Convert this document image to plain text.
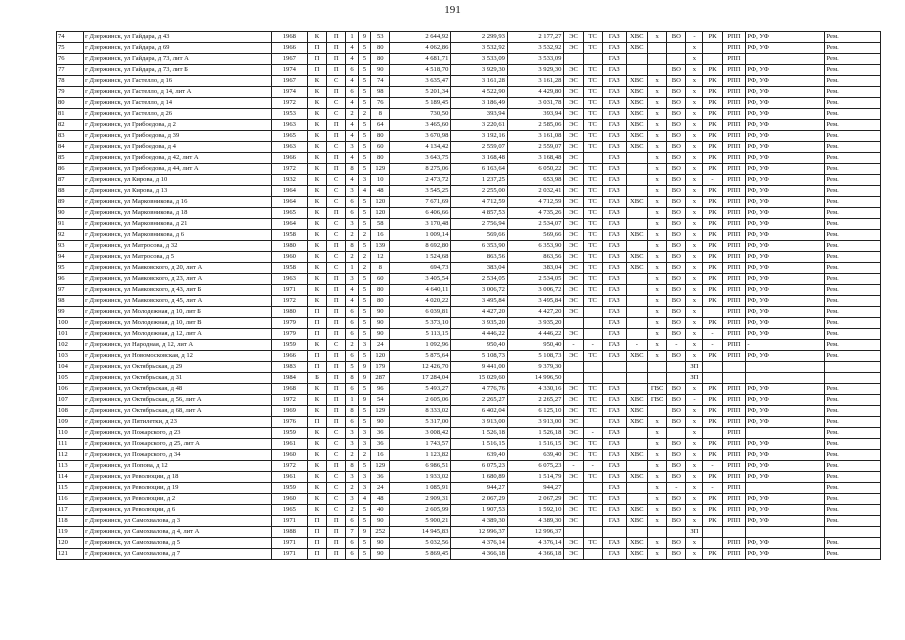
191
74	г Дзержинск, ул Гайдара, д 43	1968	К	П	1	9	53	2 644,92	2 299,93	2 177,27	ЭС	ТС	ГАЗ	ХВС	х	ВО	-	РК	РПП	РФ, УФ	Рем.
75	г Дзержинск, ул Гайдара, д 69	1966	П	П	4	5	80	4 062,86	3 532,92	3 532,92	ЭС	ТС	ГАЗ	ХВС			х		РПП	РФ, УФ	Рем.
76	г Дзержинск, ул Гайдара, д 73, лит А	1967	П	П	4	5	80	4 681,71	3 533,09	3 533,09			ГАЗ				х		РПП		Рем.
77	г Дзержинск, ул Гайдара, д 73, лит Б	1974	П	П	6	5	90	4 518,70	3 929,30	3 929,30	ЭС	ТС	ГАЗ			ВО	х	РК	РПП	РФ, УФ	Рем.
78	г Дзержинск, ул Гастелло, д 16	1967	К	С	4	5	74	3 635,47	3 161,28	3 161,28	ЭС	ТС	ГАЗ	ХВС	х	ВО	х	РК	РПП	РФ, УФ	Рем.
79	г Дзержинск, ул Гастелло, д 14, лит А	1974	К	П	6	5	98	5 201,34	4 522,90	4 429,80	ЭС	ТС	ГАЗ	ХВС	х	ВО	х	РК	РПП	РФ, УФ	Рем.
80	г Дзержинск, ул Гастелло, д 14	1972	К	С	4	5	76	5 189,45	3 186,49	3 031,78	ЭС	ТС	ГАЗ	ХВС	х	ВО	х	РК	РПП	РФ, УФ	Рем.
81	г Дзержинск, ул Гастелло, д 26	1953	К	С	2	2	8	730,50	393,94	393,94	ЭС	ТС	ГАЗ	ХВС	х	ВО	х	РК	РПП	РФ, УФ	Рем.
82	г Дзержинск, ул Грибоедова, д 2	1963	К	П	4	5	64	3 465,60	3 220,61	2 585,06	ЭС	ТС	ГАЗ	ХВС	х	ВО	х	РК	РПП	РФ, УФ	Рем.
83	г Дзержинск, ул Грибоедова, д 39	1965	К	П	4	5	80	3 670,98	3 192,16	3 161,08	ЭС	ТС	ГАЗ	ХВС	х	ВО	х	РК	РПП	РФ, УФ	Рем.
84	г Дзержинск, ул Грибоедова, д 4	1963	К	С	3	5	60	4 134,42	2 559,07	2 559,07	ЭС	ТС	ГАЗ	ХВС	х	ВО	х	РК	РПП	РФ, УФ	Рем.
85	г Дзержинск, ул Грибоедова, д 42, лит А	1966	К	П	4	5	80	3 643,75	3 168,48	3 168,48	ЭС		ГАЗ		х	ВО	х	РК	РПП	РФ, УФ	Рем.
86	г Дзержинск, ул Грибоедова, д 44, лит А	1972	К	П	8	5	129	8 275,06	6 163,64	6 050,22	ЭС	ТС	ГАЗ		х	ВО	х	РК	РПП	РФ, УФ	Рем.
87	г Дзержинск, ул Кирова, д 10	1932	К	С	4	3	10	2 473,72	1 237,25	653,98	ЭС	ТС	ГАЗ		х	ВО	х	-	РПП	РФ, УФ	Рем.
88	г Дзержинск, ул Кирова, д 13	1964	К	С	3	4	48	3 545,25	2 255,00	2 032,41	ЭС	ТС	ГАЗ		х	ВО	х	РК	РПП	РФ, УФ	Рем.
89	г Дзержинск, ул Марковникова, д 16	1964	К	С	6	5	120	7 671,69	4 712,59	4 712,59	ЭС	ТС	ГАЗ	ХВС	х	ВО	х	РК	РПП	РФ, УФ	Рем.
90	г Дзержинск, ул Марковникова, д 18	1965	К	П	6	5	120	6 406,66	4 857,53	4 735,26	ЭС	ТС	ГАЗ		х	ВО	х	РК	РПП	РФ, УФ	Рем.
91	г Дзержинск, ул Марковникова, д 21	1964	К	С	3	5	58	3 170,48	2 756,94	2 534,07	ЭС	ТС	ГАЗ		х	ВО	х	РК	РПП	РФ, УФ	Рем.
92	г Дзержинск, ул Марковникова, д 6	1958	К	С	2	2	16	1 009,14	569,66	569,66	ЭС	ТС	ГАЗ	ХВС	х	ВО	х	РК	РПП	РФ, УФ	Рем.
93	г Дзержинск, ул Матросова, д 32	1980	К	П	8	5	139	8 692,80	6 353,90	6 353,90	ЭС	ТС	ГАЗ		х	ВО	х	РК	РПП	РФ, УФ	Рем.
94	г Дзержинск, ул Матросова, д 5	1960	К	С	2	2	12	1 524,68	863,56	863,56	ЭС	ТС	ГАЗ	ХВС	х	ВО	х	РК	РПП	РФ, УФ	Рем.
95	г Дзержинск, ул Маяковского, д 20, лит А	1958	К	С	1	2	8	694,73	383,04	383,04	ЭС	ТС	ГАЗ	ХВС	х	ВО	х	РК	РПП	РФ, УФ	Рем.
96	г Дзержинск, ул Маяковского, д 23, лит А	1963	К	П	3	5	60	3 405,54	2 534,05	2 534,05	ЭС	ТС	ГАЗ		х	ВО	х	РК	РПП	РФ, УФ	Рем.
97	г Дзержинск, ул Маяковского, д 43, лит Б	1971	К	П	4	5	80	4 640,11	3 006,72	3 006,72	ЭС	ТС	ГАЗ		х	ВО	х	РК	РПП	РФ, УФ	Рем.
98	г Дзержинск, ул Маяковского, д 45, лит А	1972	К	П	4	5	80	4 020,22	3 495,84	3 495,84	ЭС	ТС	ГАЗ		х	ВО	х	РК	РПП	РФ, УФ	Рем.
99	г Дзержинск, ул Молодежная, д 10, лит Б	1980	П	П	6	5	90	6 039,81	4 427,20	4 427,20	ЭС		ГАЗ		х	ВО	х		РПП	РФ, УФ	Рем.
100	г Дзержинск, ул Молодежная, д 10, лит В	1979	П	П	6	5	90	5 373,10	3 935,20	3 935,20			ГАЗ		х	ВО	х	РК	РПП	РФ, УФ	Рем.
101	г Дзержинск, ул Молодежная, д 12, лит А	1979	П	П	6	5	90	5 113,15	4 446,22	4 446,22	ЭС		ГАЗ		х	ВО	х	-	РПП	РФ, УФ	Рем.
102	г Дзержинск, ул Народная, д 12, лит А	1959	К	С	2	3	24	1 092,96	950,40	950,40	-	-	ГАЗ	-	х	-	х	-	РПП	-	Рем.
103	г Дзержинск, ул Новомосковская, д 12	1966	П	П	6	5	120	5 875,64	5 108,73	5 108,73	ЭС	ТС	ГАЗ	ХВС	х	ВО	х	РК	РПП	РФ, УФ	Рем.
104	г Дзержинск, ул Октябрьская, д 29	1983	П	П	5	9	179	12 426,70	9 441,00	9 379,30							ЗП				
105	г Дзержинск, ул Октябрьская, д 31	1984	Б	П	8	9	287	17 284,04	15 029,60	14 996,50							ЗП				
106	г Дзержинск, ул Октябрьская, д 48	1968	К	П	6	5	96	5 493,27	4 776,76	4 330,16	ЭС	ТС	ГАЗ		ГВС	ВО	х	РК	РПП	РФ, УФ	Рем.
107	г Дзержинск, ул Октябрьская, д 56, лит А	1972	К	П	1	9	54	2 605,06	2 265,27	2 265,27	ЭС	ТС	ГАЗ	ХВС	ГВС	ВО	-	РК	РПП	РФ, УФ	Рем.
108	г Дзержинск, ул Октябрьская, д 68, лит А	1969	К	П	8	5	129	8 333,02	6 402,04	6 125,10	ЭС	ТС	ГАЗ	ХВС		ВО	х	РК	РПП	РФ, УФ	Рем.
109	г Дзержинск, ул Пятилетки, д 23	1976	П	П	6	5	90	5 317,00	3 913,00	3 913,00	ЭС		ГАЗ	ХВС	х	ВО	х	РК	РПП	РФ, УФ	Рем.
110	г Дзержинск, ул Пожарского, д 23	1959	К	С	3	3	36	3 008,42	1 526,18	1 526,18	ЭС	-	ГАЗ		х		х		РПП		Рем.
111	г Дзержинск, ул Пожарского, д 25, лит А	1961	К	С	3	3	36	1 743,57	1 516,15	1 516,15	ЭС	ТС	ГАЗ		х	ВО	х	РК	РПП	РФ, УФ	Рем.
112	г Дзержинск, ул Пожарского, д 34	1960	К	С	2	2	16	1 123,82	639,40	639,40	ЭС	ТС	ГАЗ	ХВС	х	ВО	х	РК	РПП	РФ, УФ	Рем.
113	г Дзержинск, ул Попова, д 12	1972	К	П	8	5	129	6 986,51	6 075,23	6 075,23	-	-	ГАЗ		х	ВО	х	-	РПП	РФ, УФ	Рем.
114	г Дзержинск, ул Революции, д 18	1961	К	С	3	3	36	1 933,02	1 680,89	1 514,79	ЭС	ТС	ГАЗ	ХВС	х	ВО	х	РК	РПП	РФ, УФ	Рем.
115	г Дзержинск, ул Революции, д 19	1959	К	С	2	3	24	1 085,91	944,27	944,27			ГАЗ		х	-	х	-	РПП		Рем.
116	г Дзержинск, ул Революции, д 2	1960	К	С	3	4	48	2 909,31	2 067,29	2 067,29	ЭС	ТС	ГАЗ		х	ВО	х	РК	РПП	РФ, УФ	Рем.
117	г Дзержинск, ул Революции, д 6	1965	К	С	2	5	40	2 605,99	1 907,53	1 592,10	ЭС	ТС	ГАЗ	ХВС	х	ВО	х	РК	РПП	РФ, УФ	Рем.
118	г Дзержинск, ул Самохвалова, д 3	1971	П	П	6	5	90	5 900,21	4 389,30	4 389,30	ЭС		ГАЗ	ХВС	х	ВО	х	РК	РПП	РФ, УФ	Рем.
119	г Дзержинск, ул Самохвалова, д 4, лит А	1988	П	П	7	9	252	14 945,83	12 996,37	12 996,37							ЗП				
120	г Дзержинск, ул Самохвалова, д 5	1971	П	П	6	5	90	5 032,56	4 376,14	4 376,14	ЭС	ТС	ГАЗ	ХВС	х	ВО	х		РПП	РФ, УФ	Рем.
121	г Дзержинск, ул Самохвалова, д 7	1971	П	П	6	5	90	5 869,45	4 366,18	4 366,18	ЭС		ГАЗ	ХВС	х	ВО	х	РК	РПП	РФ, УФ	Рем.
